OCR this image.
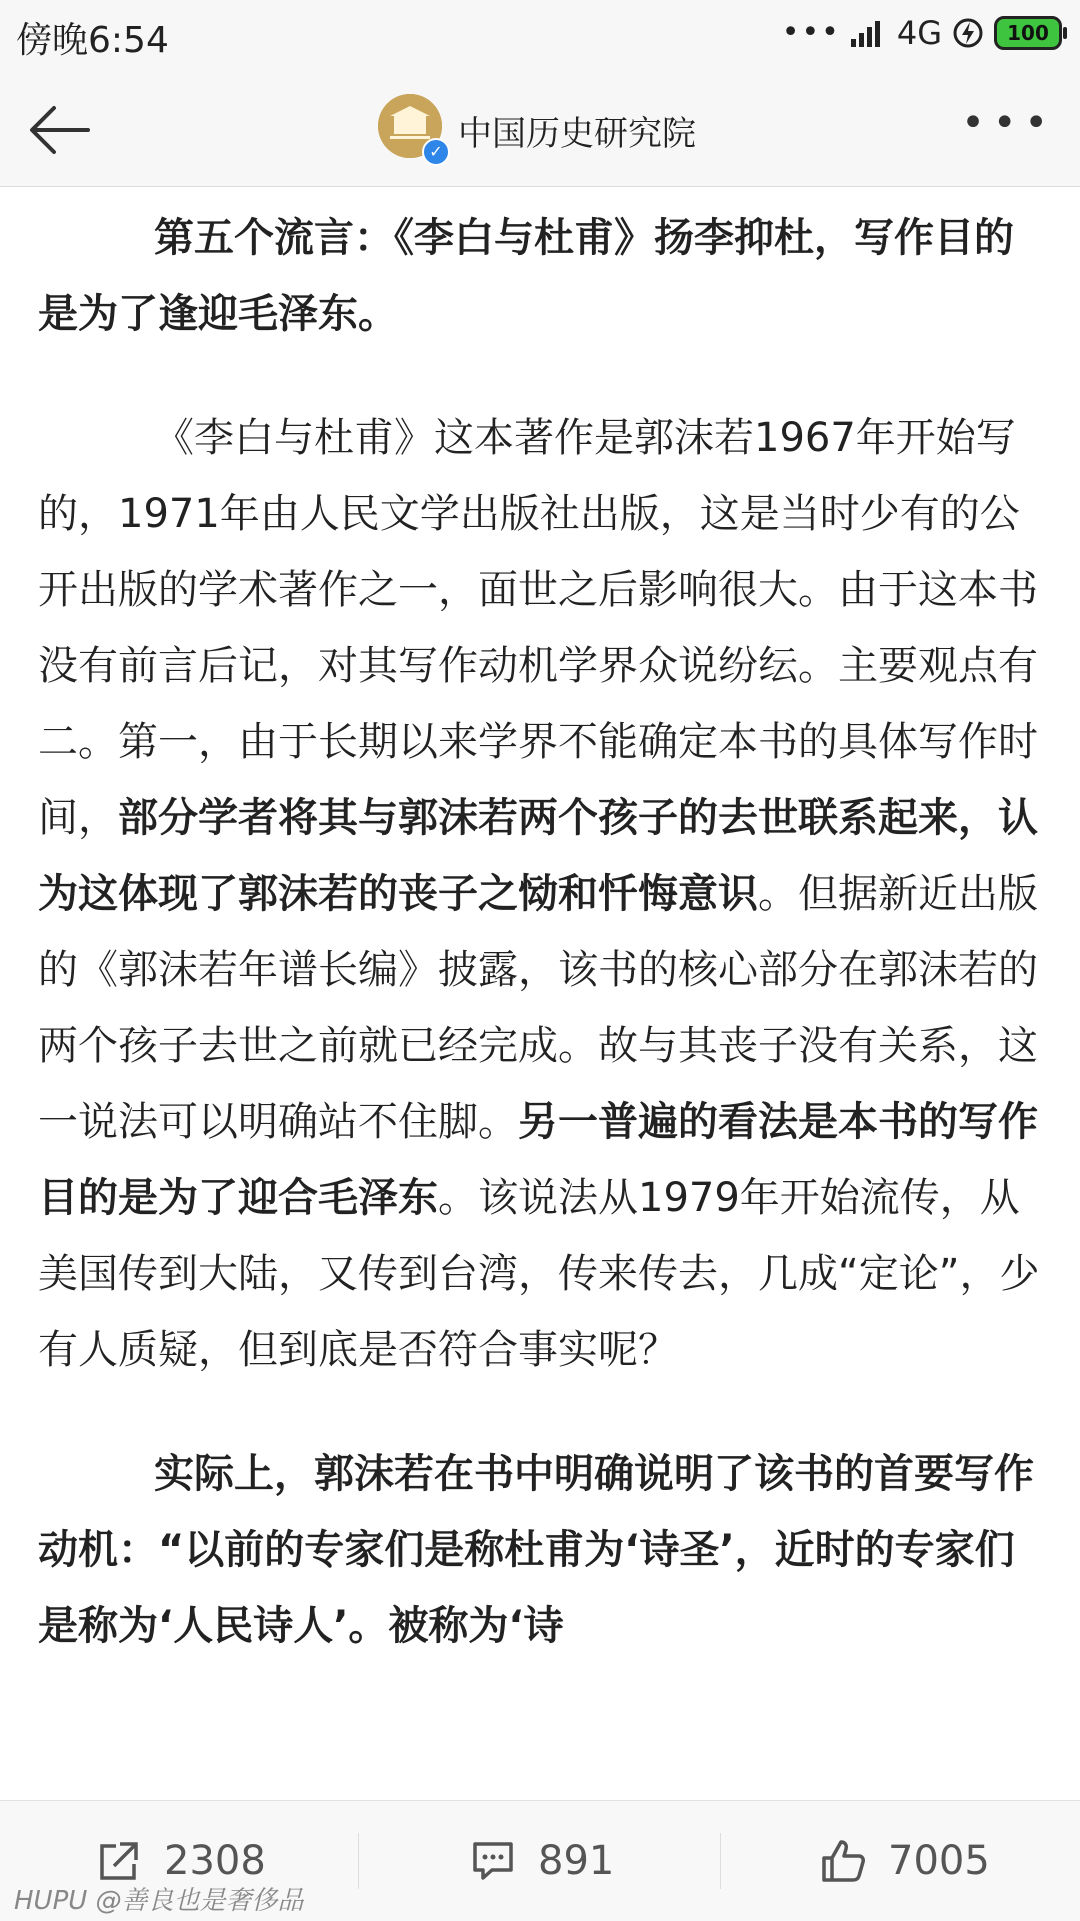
傍晚6:54	••• 4G	100
✓ 中国历史研究院	•••

第五个流言：《李白与杜甫》扬李抑杜，写作目的是为了逢迎毛泽东。

《李白与杜甫》这本著作是郭沫若1967年开始写的，1971年由人民文学出版社出版，这是当时少有的公开出版的学术著作之一，面世之后影响很大。由于这本书没有前言后记，对其写作动机学界众说纷纭。主要观点有二。第一，由于长期以来学界不能确定本书的具体写作时间，部分学者将其与郭沫若两个孩子的去世联系起来，认为这体现了郭沫若的丧子之恸和忏悔意识。但据新近出版的《郭沫若年谱长编》披露，该书的核心部分在郭沫若的两个孩子去世之前就已经完成。故与其丧子没有关系，这一说法可以明确站不住脚。另一普遍的看法是本书的写作目的是为了迎合毛泽东。该说法从1979年开始流传，从美国传到大陆，又传到台湾，传来传去，几成“定论”，少有人质疑，但到底是否符合事实呢？

实际上，郭沫若在书中明确说明了该书的首要写作动机：“以前的专家们是称杜甫为‘诗圣’，近时的专家们是称为‘人民诗人’。被称为‘诗

2308	891	7005
HUPU @善良也是奢侈品
